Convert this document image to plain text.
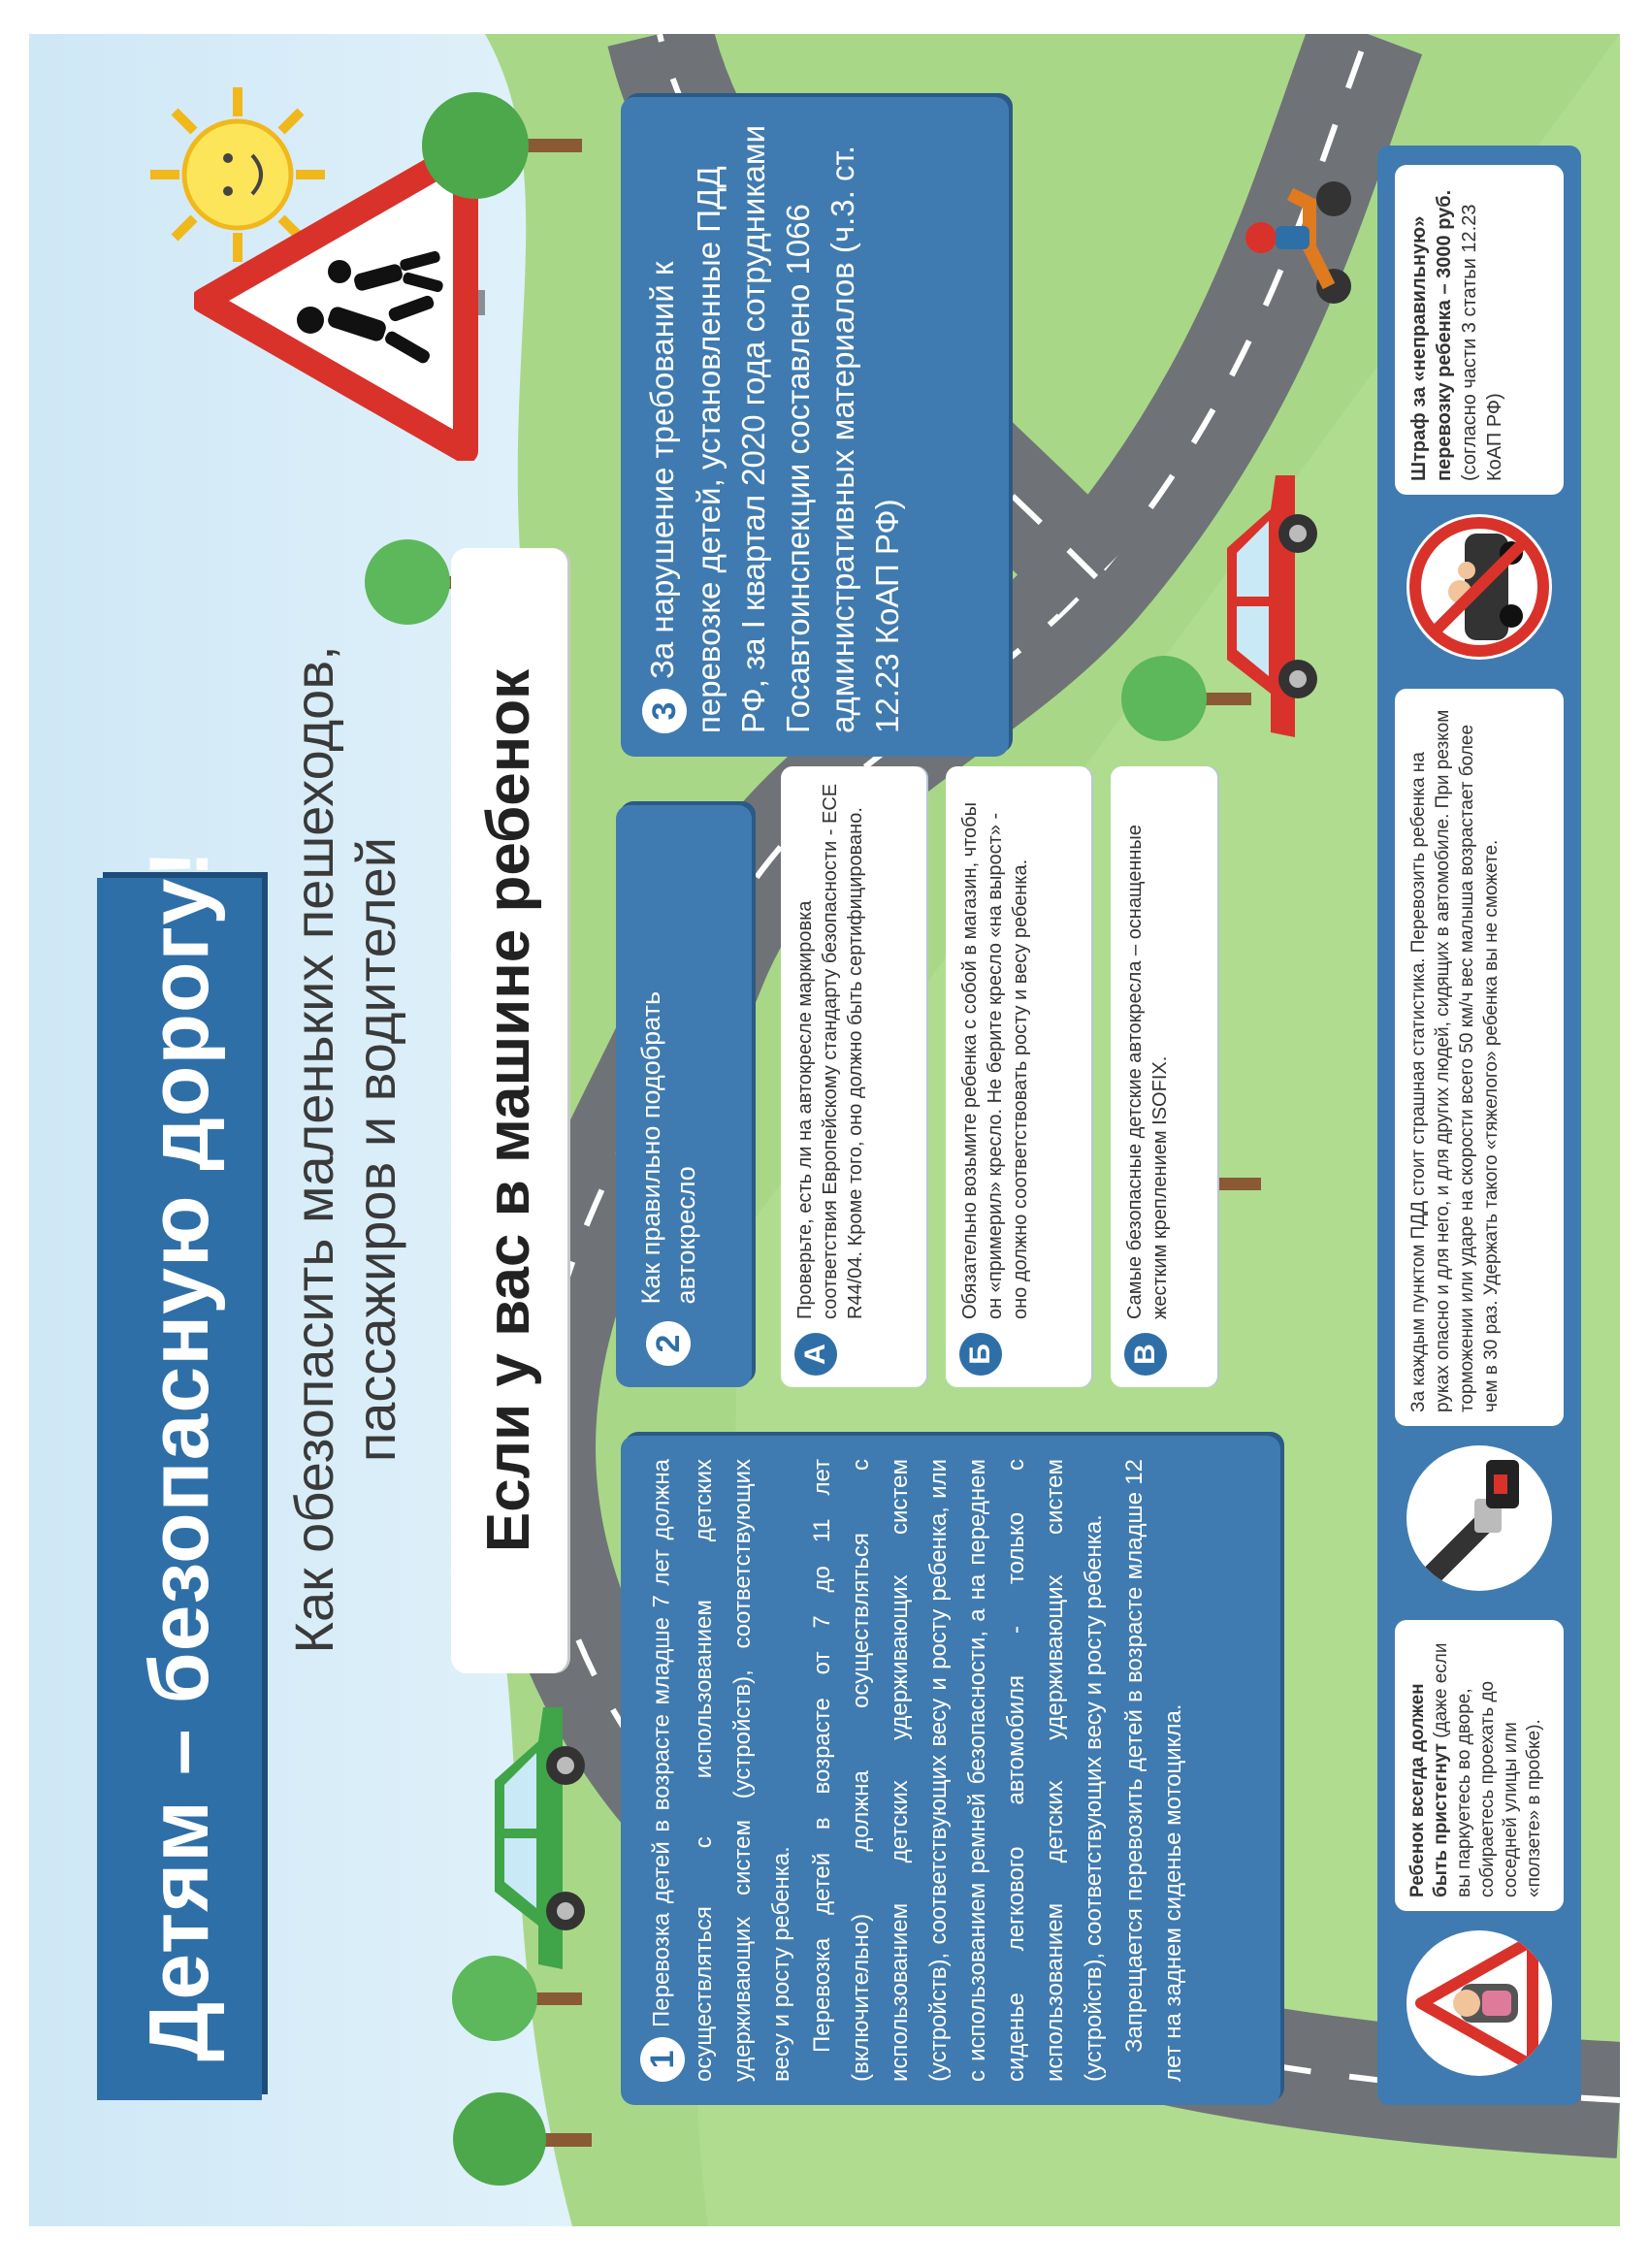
Детям – безопасную дорогу!	Как обезопасить маленьких пешеходов, пассажиров и водителей	Если у вас в машине ребенок

1Перевозка детей в возрасте младше 7 лет должна осуществляться с использованием детских удерживающих систем (устройств), соответствующих весу и росту ребенка. Перевозка детей в возрасте от 7 до 11 лет (включительно) должна осуществляться с использованием детских удерживающих систем (устройств), соответствующих весу и росту ребенка, или с использованием ремней безопасности, а на переднем сиденье легкового автомобиля - только с использованием детских удерживающих систем (устройств), соответствующих весу и росту ребенка. Запрещается перевозить детей в возрасте младше 12 лет на заднем сиденье мотоцикла.

2 Как правильно подобрать автокресло
А
Проверьте, есть ли на автокресле маркировка соответствия Европейскому стандарту безопасности - ECE R44/04. Кроме того, оно должно быть сертифицировано.
Б
Обязательно возьмите ребенка с собой в магазин, чтобы он «примерил» кресло. Не берите кресло «на вырост» - оно должно соответствовать росту и весу ребенка.
В
Самые безопасные детские автокресла – оснащенные жестким креплением ISOFIX.
3За нарушение требований к перевозке детей, установленные ПДД РФ, за I квартал 2020 года сотрудниками Госавтоинспекции составлено 1066 административных материалов (ч.3. ст. 12.23 КоАП РФ)
Ребенок всегда должен быть пристегнут (даже если вы паркуетесь во дворе, собираетесь проехать до соседней улицы или «ползете» в пробке).
За каждым пунктом ПДД стоит страшная статистика. Перевозить ребенка на руках опасно и для него, и для других людей, сидящих в автомобиле. При резком торможении или ударе на скорости всего 50 км/ч вес малыша возрастает более чем в 30 раз. Удержать такого «тяжелого» ребенка вы не сможете.
Штраф за «неправильную» перевозку ребенка – 3000 руб. (согласно части 3 статьи 12.23 КоАП РФ)
